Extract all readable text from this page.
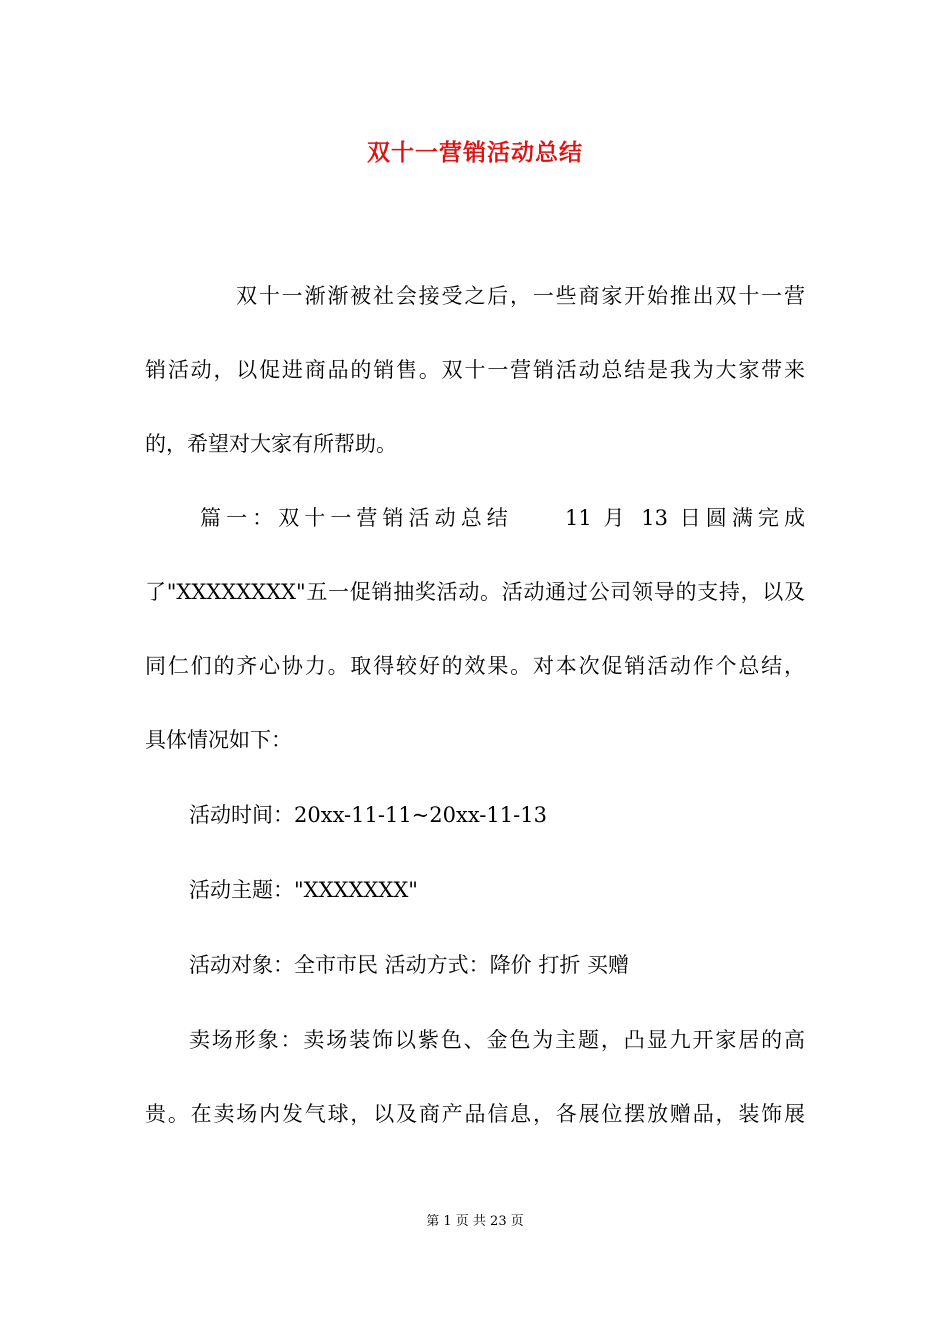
双十一营销活动总结
双十一渐渐被社会接受之后，一些商家开始推出双十一营
销活动，以促进商品的销售。双十一营销活动总结是我为大家带来
的，希望对大家有所帮助。
篇一：双十一营销活动总结　　11 月 13 日圆满完成
了"XXXXXXXX"五一促销抽奖活动。活动通过公司领导的支持，以及
同仁们的齐心协力。取得较好的效果。对本次促销活动作个总结，
具体情况如下：
活动时间：20xx-11-11~20xx-11-13
活动主题："XXXXXXX"
活动对象：全市市民 活动方式：降价 打折 买赠
卖场形象：卖场装饰以紫色、金色为主题，凸显九开家居的高
贵。在卖场内发气球，以及商产品信息，各展位摆放赠品，装饰展
第 1 页 共 23 页
